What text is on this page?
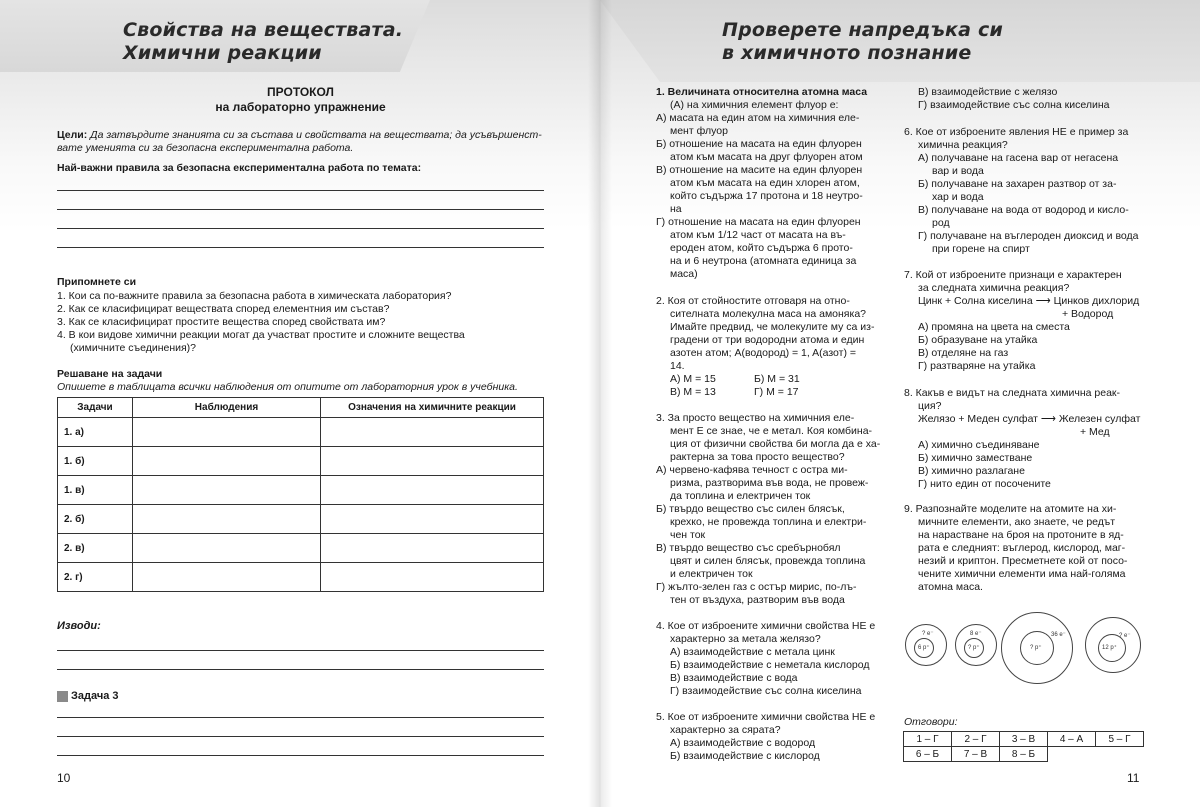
Свойства на веществата.
Химични реакции
Проверете напредъка си
в химичното познание
ПРОТОКОЛ
на лабораторно упражнение
Цели: Да затвърдите знанията си за състава и свойствата на веществата; да усъвършенст-
вате уменията си за безопасна експериментална работа.
Най-важни правила за безопасна експериментална работа по темата:
Припомнете си
1. Кои са по-важните правила за безопасна работа в химическата лаборатория?
2. Как се класифицират веществата според елементния им състав?
3. Как се класифицират простите вещества според свойствата им?
4. В кои видове химични реакции могат да участват простите и сложните вещества
(химичните съединения)?
Решаване на задачи
Опишете в таблицата всички наблюдения от опитите от лабораторния урок в учебника.
Задачи	Наблюдения	Означения на химичните реакции
1. а)		
1. б)		
1. в)		
2. б)		
2. в)		
2. г)		
Изводи:
Задача 3
10
1. Величината относителна атомна маса
(A) на химичния елемент флуор е:
А) масата на един атом на химичния еле-
мент флуор
Б) отношение на масата на един флуорен
атом към масата на друг флуорен атом
В) отношение на масите на един флуорен
атом към масата на един хлорен атом,
който съдържа 17 протона и 18 неутро-
на
Г) отношение на масата на един флуорен
атом към 1/12 част от масата на въ-
ероден атом, който съдържа 6 прото-
на и 6 неутрона (атомната единица за
маса)
2. Коя от стойностите отговаря на отно-
сителната молекулна маса на амоняка?
Имайте предвид, че молекулите му са из-
градени от три водородни атома и един
азотен атом; A(водород) = 1, A(азот) =
14.
А) M = 15	Б) M = 31
В) M = 13	Г) M = 17
3. За просто вещество на химичния еле-
мент Е се знае, че е метал. Коя комбина-
ция от физични свойства би могла да е ха-
рактерна за това просто вещество?
А) червено-кафява течност с остра ми-
ризма, разтворима във вода, не провеж-
да топлина и електричен ток
Б) твърдо вещество със силен блясък,
крехко, не провежда топлина и електри-
чен ток
В) твърдо вещество със сребърнобял
цвят и силен блясък, провежда топлина
и електричен ток
Г) жълто-зелен газ с остър мирис, по-лъ-
тен от въздуха, разтворим във вода
4. Кое от изброените химични свойства НЕ е
характерно за метала желязо?
А) взаимодействие с метала цинк
Б) взаимодействие с неметала кислород
В) взаимодействие с вода
Г) взаимодействие със солна киселина
5. Кое от изброените химични свойства НЕ е
характерно за сярата?
А) взаимодействие с водород
Б) взаимодействие с кислород
В) взаимодействие с желязо
Г) взаимодействие със солна киселина
6. Кое от изброените явления НЕ е пример за
химична реакция?
А) получаване на гасена вар от негасена
вар и вода
Б) получаване на захарен разтвор от за-
хар и вода
В) получаване на вода от водород и кисло-
род
Г) получаване на въглероден диоксид и вода
при горене на спирт
7. Кой от изброените признаци е характерен
за следната химична реакция?
Цинк + Солна киселина ⟶ Цинков дихлорид
+ Водород
А) промяна на цвета на сместа
Б) образуване на утайка
В) отделяне на газ
Г) разтваряне на утайка
8. Какъв е видът на следната химична реак-
ция?
Желязо + Меден сулфат ⟶ Железен сулфат
+ Мед
А) химично съединяване
Б) химично заместване
В) химично разлагане
Г) нито един от посочените
9. Разпознайте моделите на атомите на хи-
мичните елементи, ако знаете, че редът
на нарастване на броя на протоните в яд-
рата е следният: въглерод, кислород, маг-
незий и криптон. Пресметнете кой от посо-
чените химични елементи има най-голяма
атомна маса.
? e⁻
6 p⁺
8 e⁻
? p⁺
36 e⁻
? p⁺
? e⁻
12 p⁺
Отговори:
1 – Г	2 – Г	3 – В	4 – А	5 – Г
6 – Б	7 – В	8 – Б		
11
